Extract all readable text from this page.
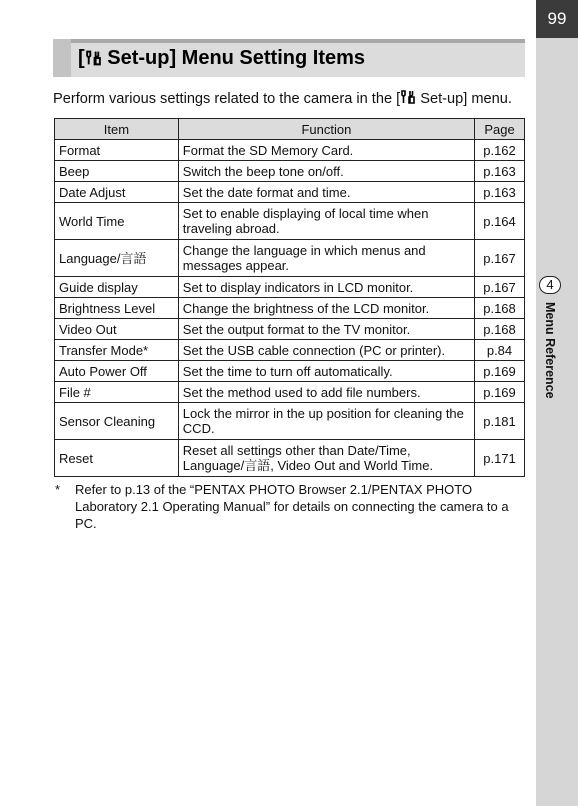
99
4
Menu Reference
[ Set-up] Menu Setting Items
Perform various settings related to the camera in the [ Set-up] menu.
Item	Function	Page
Format	Format the SD Memory Card.	p.162
Beep	Switch the beep tone on/off.	p.163
Date Adjust	Set the date format and time.	p.163
World Time	Set to enable displaying of local time when traveling abroad.	p.164
Language/言語	Change the language in which menus and messages appear.	p.167
Guide display	Set to display indicators in LCD monitor.	p.167
Brightness Level	Change the brightness of the LCD monitor.	p.168
Video Out	Set the output format to the TV monitor.	p.168
Transfer Mode*	Set the USB cable connection (PC or printer).	p.84
Auto Power Off	Set the time to turn off automatically.	p.169
File #	Set the method used to add file numbers.	p.169
Sensor Cleaning	Lock the mirror in the up position for cleaning the CCD.	p.181
Reset	Reset all settings other than Date/Time, Language/言語, Video Out and World Time.	p.171
* Refer to p.13 of the “PENTAX PHOTO Browser 2.1/PENTAX PHOTO Laboratory 2.1 Operating Manual” for details on connecting the camera to a PC.
